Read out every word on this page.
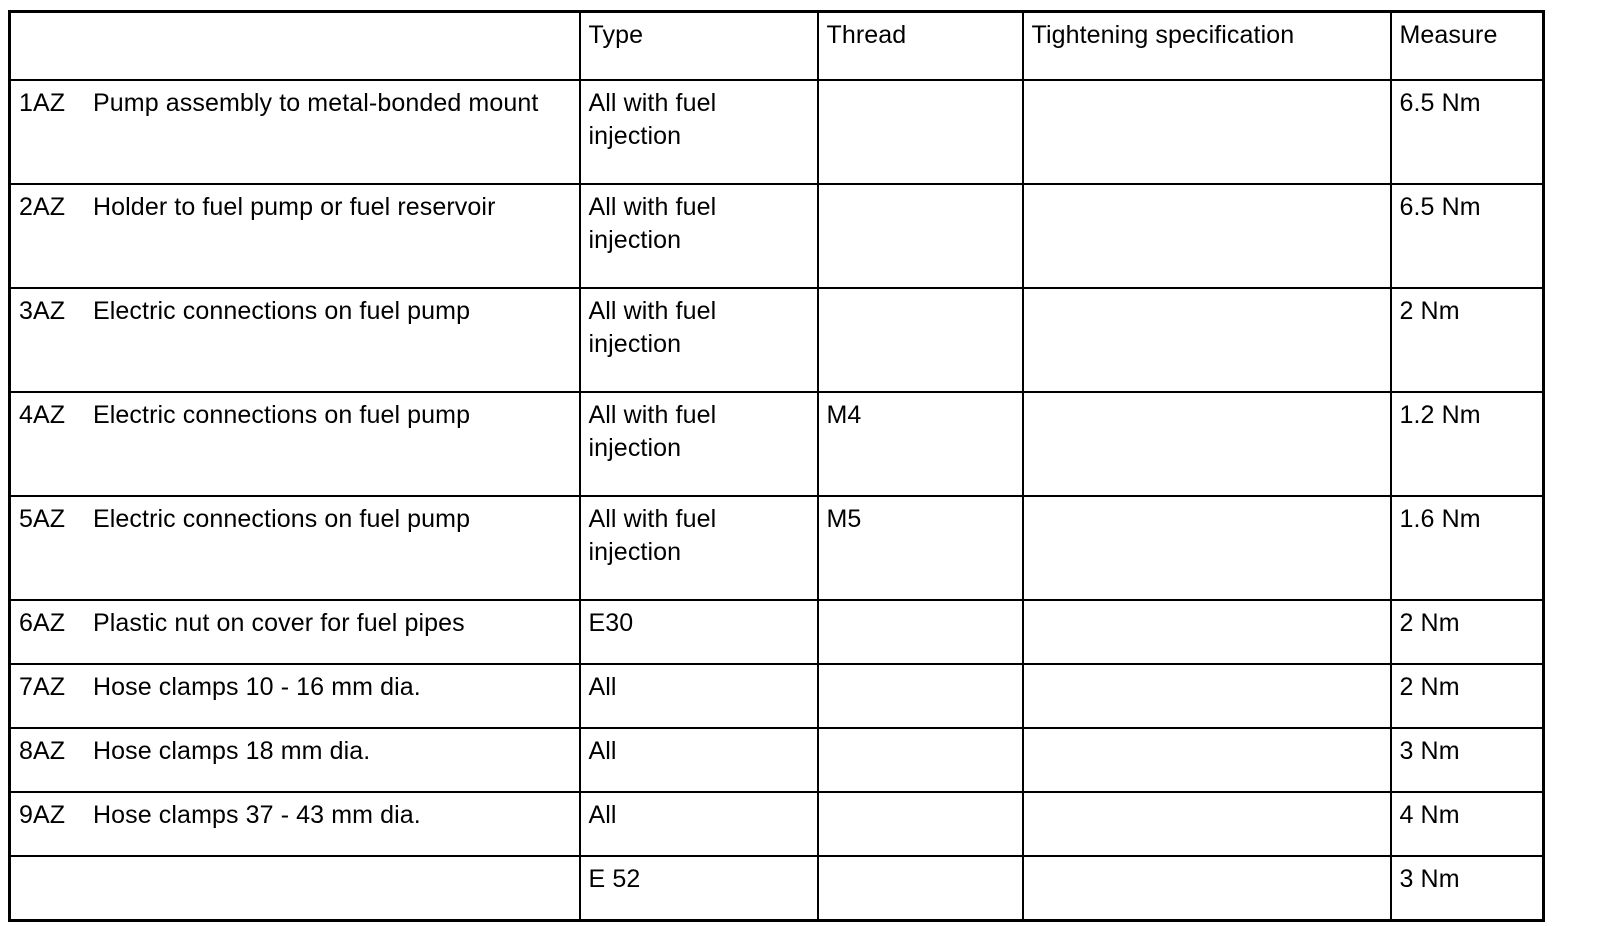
	Type	Thread	Tightening specification	Measure
1AZ Pump assembly to metal-bonded mount	All with fuel injection			6.5 Nm
2AZ Holder to fuel pump or fuel reservoir	All with fuel injection			6.5 Nm
3AZ Electric connections on fuel pump	All with fuel injection			2 Nm
4AZ Electric connections on fuel pump	All with fuel injection	M4		1.2 Nm
5AZ Electric connections on fuel pump	All with fuel injection	M5		1.6 Nm
6AZ Plastic nut on cover for fuel pipes	E30			2 Nm
7AZ Hose clamps 10 - 16 mm dia.	All			2 Nm
8AZ Hose clamps 18 mm dia.	All			3 Nm
9AZ Hose clamps 37 - 43 mm dia.	All			4 Nm
	E 52			3 Nm
